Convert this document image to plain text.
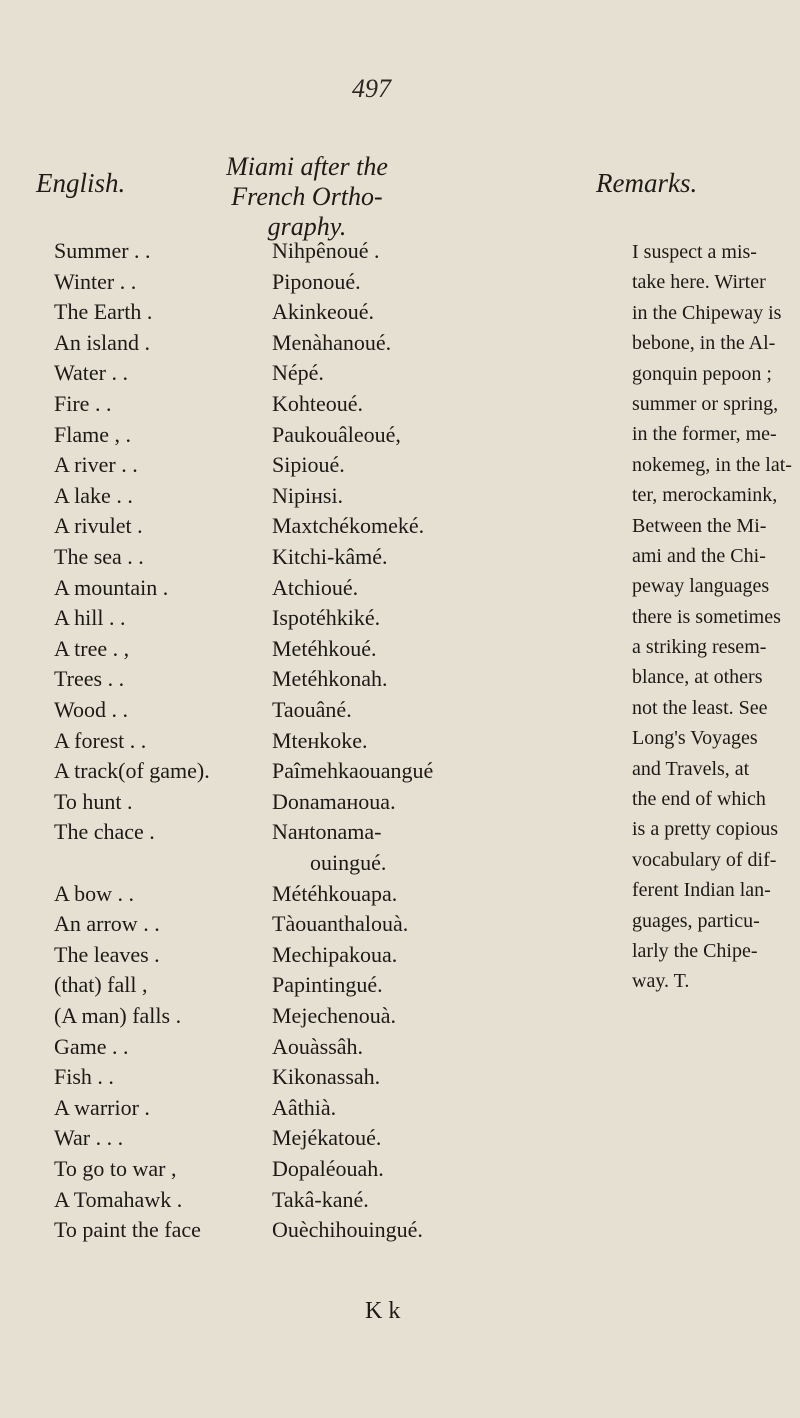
497
English.
Miami after the
French Ortho-
graphy.
Remarks.
Summer . .	Nihpênoué .
Winter . .	Piponoué.
The Earth .	Akinkeoué.
An island .	Menàhanoué.
Water . .	Népé.
Fire . .	Kohteoué.
Flame , .	Paukouâleoué,
A river . .	Sipioué.
A lake . .	Nipiнsi.
A rivulet .	Maxtchékomeké.
The sea . .	Kitchi-kâmé.
A mountain .	Atchioué.
A hill . .	Ispotéhkiké.
A tree . ,	Metéhkoué.
Trees . .	Metéhkonah.
Wood . .	Taouâné.
A forest . .	Mteнkoke.
A track(of game).	Paîmehkaouangué
To hunt .	Donamaнoua.
The chace .	Naнtonama-
ouingué.
A bow . .	Météhkouapa.
An arrow . .	Tàouanthalouà.
The leaves .	Mechipakoua.
(that) fall ,	Papintingué.
(A man) falls .	Mejechenouà.
Game . .	Aouàssâh.
Fish . .	Kikonassah.
A warrior .	Aâthià.
War . . .	Mejékatoué.
To go to war ,	Dopaléouah.
A Tomahawk .	Takâ-kané.
To paint the face	Ouèchihouingué.
I suspect a mis-
take here. Wirter
in the Chipeway is
bebone, in the Al-
gonquin pepoon ;
summer or spring,
in the former, me-
nokemeg, in the lat-
ter, merockamink,
Between the Mi-
ami and the Chi-
peway languages
there is sometimes
a striking resem-
blance, at others
not the least. See
Long's Voyages
and Travels, at
the end of which
is a pretty copious
vocabulary of dif-
ferent Indian lan-
guages, particu-
larly the Chipe-
way. T.
K k
